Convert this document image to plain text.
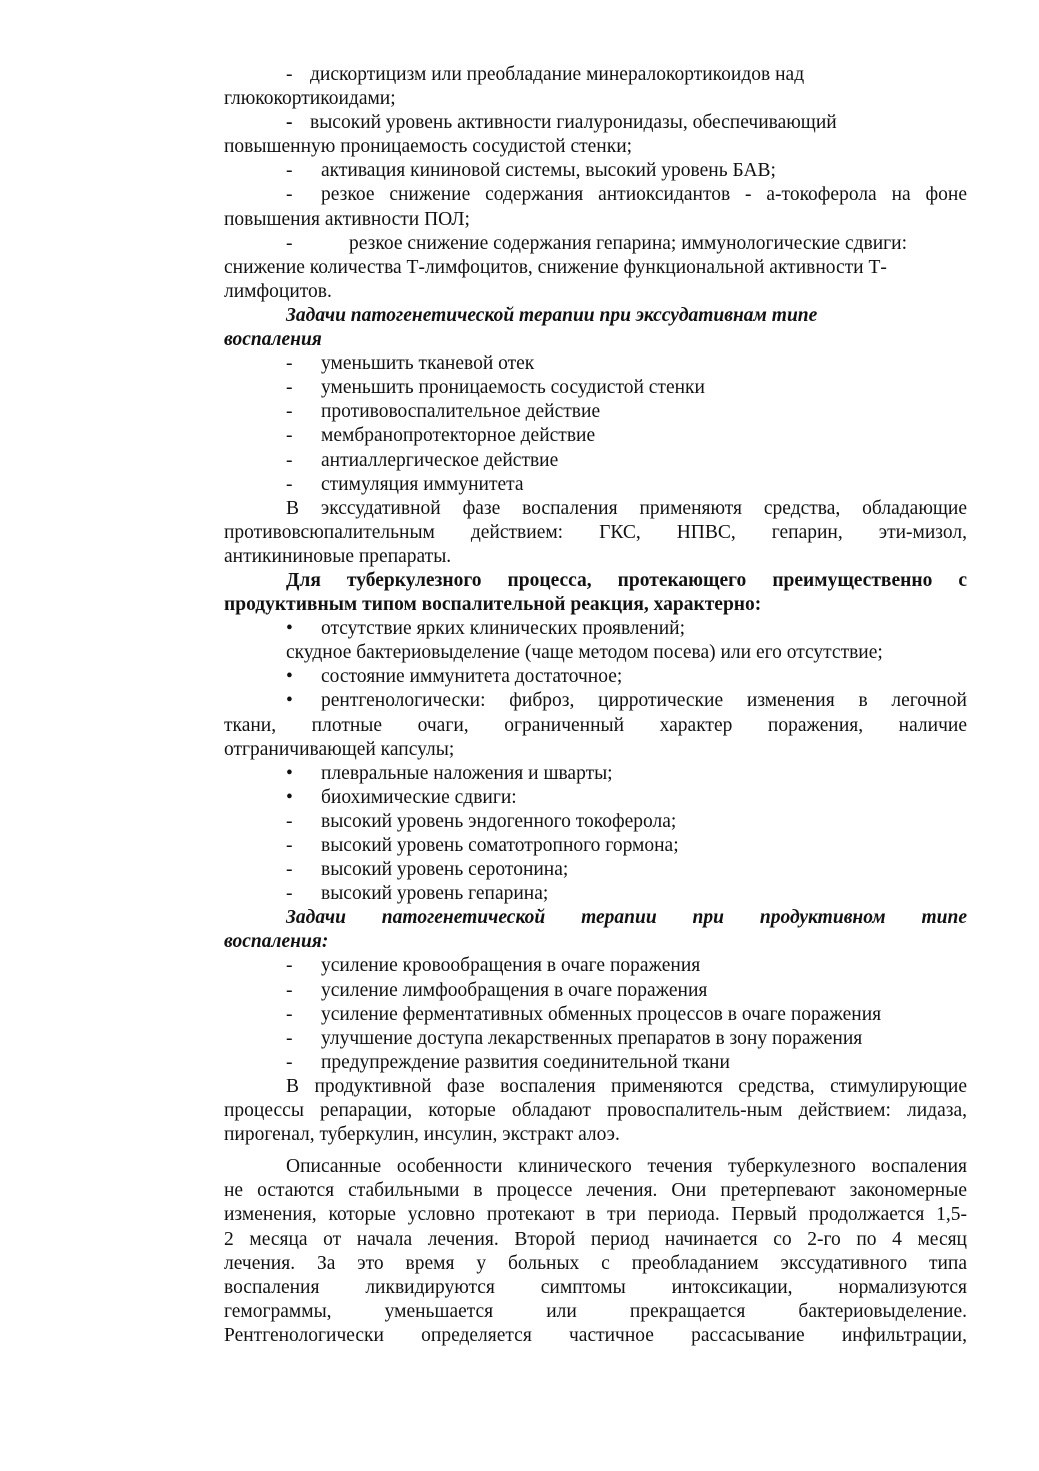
- дискортицизм или преобладание минералокортикоидов над
глюкокортикоидами;
- высокий уровень активности гиалуронидазы, обеспечивающий
повышенную проницаемость сосудистой стенки;
-	активация кининовой системы, высокий уровень БАВ;
-	резкое снижение содержания антиоксидантов - а-токоферола на фоне
повышения активности ПОЛ;
-	резкое снижение содержания гепарина; иммунологические сдвиги:
снижение количества Т-лимфоцитов, снижение функциональной активности Т-
лимфоцитов.
Задачи патогенетической терапии при экссудативнам типе
воспаления
-	уменьшить тканевой отек
-	уменьшить проницаемость сосудистой стенки
-	противовоспалительное действие
-	мембранопротекторное действие
-	антиаллергическое действие
-	стимуляция иммунитета
В экссудативной фазе воспаления применяютя средства, обладающие
противовсюпалительным действием: ГКС, НПВС, гепарин, эти-мизол,
антикининовые препараты.
Для туберкулезного процесса, протекающего преимущественно с
продуктивным типом воспалительной реакция, характерно:
•	отсутствие ярких клинических проявлений;
скудное бактериовыделение (чаще методом посева) или его отсутствие;
•	состояние иммунитета достаточное;
•	рентгенологически: фиброз, цирротические изменения в легочной
ткани, плотные очаги, ограниченный характер поражения, наличие
отграничивающей капсулы;
•	плевральные наложения и шварты;
•	биохимические сдвиги:
-	высокий уровень эндогенного токоферола;
-	высокий уровень соматотропного гормона;
-	высокий уровень серотонина;
-	высокий уровень гепарина;
Задачи патогенетической терапии при продуктивном типе
воспаления:
-	усиление кровообращения в очаге поражения
-	усиление лимфообращения в очаге поражения
-	усиление ферментативных обменных процессов в очаге поражения
-	улучшение доступа лекарственных препаратов в зону поражения
-	предупреждение развития соединительной ткани
В продуктивной фазе воспаления применяются средства, стимулирующие
процессы репарации, которые обладают провоспалитель-ным действием: лидаза,
пирогенал, туберкулин, инсулин, экстракт алоэ.
Описанные особенности клинического течения туберкулезного воспаления
не остаются стабильными в процессе лечения. Они претерпевают закономерные
изменения, которые условно протекают в три периода. Первый продолжается 1,5-
2 месяца от начала лечения. Второй период начинается со 2-го по 4 месяц
лечения. За это время у больных с преобладанием экссудативного типа
воспаления ликвидируются симптомы интоксикации, нормализуются
гемограммы, уменьшается или прекращается бактериовыделение.
Рентгенологически определяется частичное рассасывание инфильтрации,
